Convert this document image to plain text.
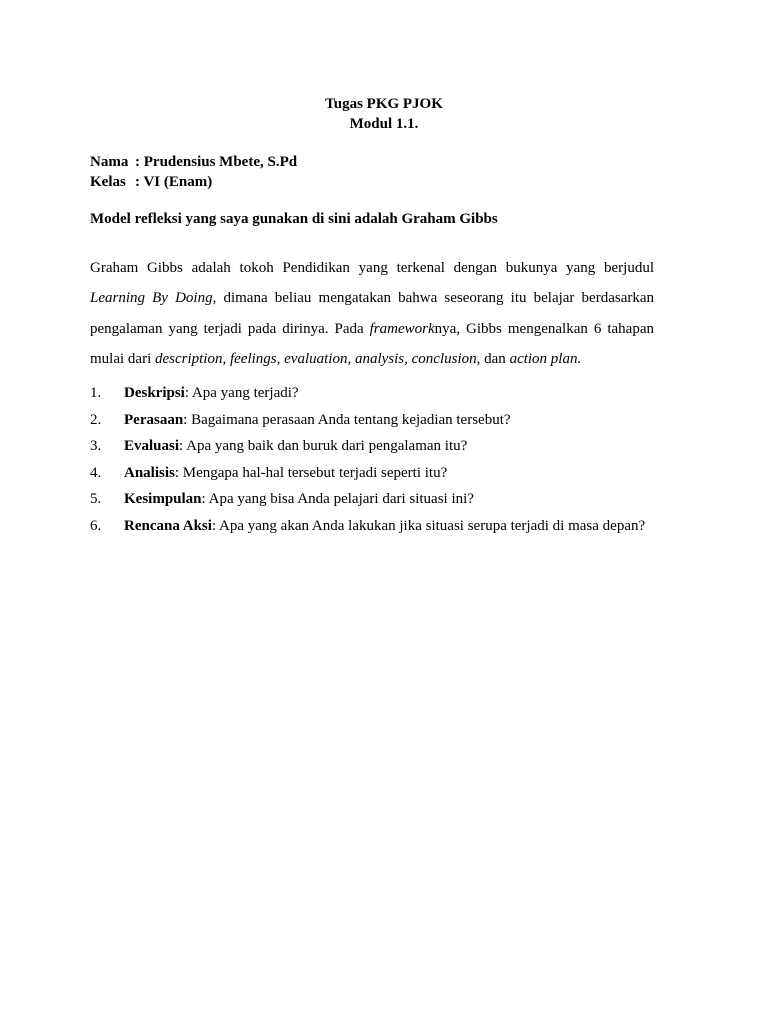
Tugas PKG PJOK
Modul 1.1.
Nama : Prudensius Mbete, S.Pd
Kelas : VI (Enam)
Model refleksi yang saya gunakan di sini adalah Graham Gibbs

Graham Gibbs adalah tokoh Pendidikan yang terkenal dengan bukunya yang berjudul Learning By Doing, dimana beliau mengatakan bahwa seseorang itu belajar berdasarkan pengalaman yang terjadi pada dirinya. Pada frameworknya, Gibbs mengenalkan 6 tahapan mulai dari description, feelings, evaluation, analysis, conclusion, dan action plan.

1. Deskripsi: Apa yang terjadi?
2. Perasaan: Bagaimana perasaan Anda tentang kejadian tersebut?
3. Evaluasi: Apa yang baik dan buruk dari pengalaman itu?
4. Analisis: Mengapa hal-hal tersebut terjadi seperti itu?
5. Kesimpulan: Apa yang bisa Anda pelajari dari situasi ini?
6. Rencana Aksi: Apa yang akan Anda lakukan jika situasi serupa terjadi di masa depan?
